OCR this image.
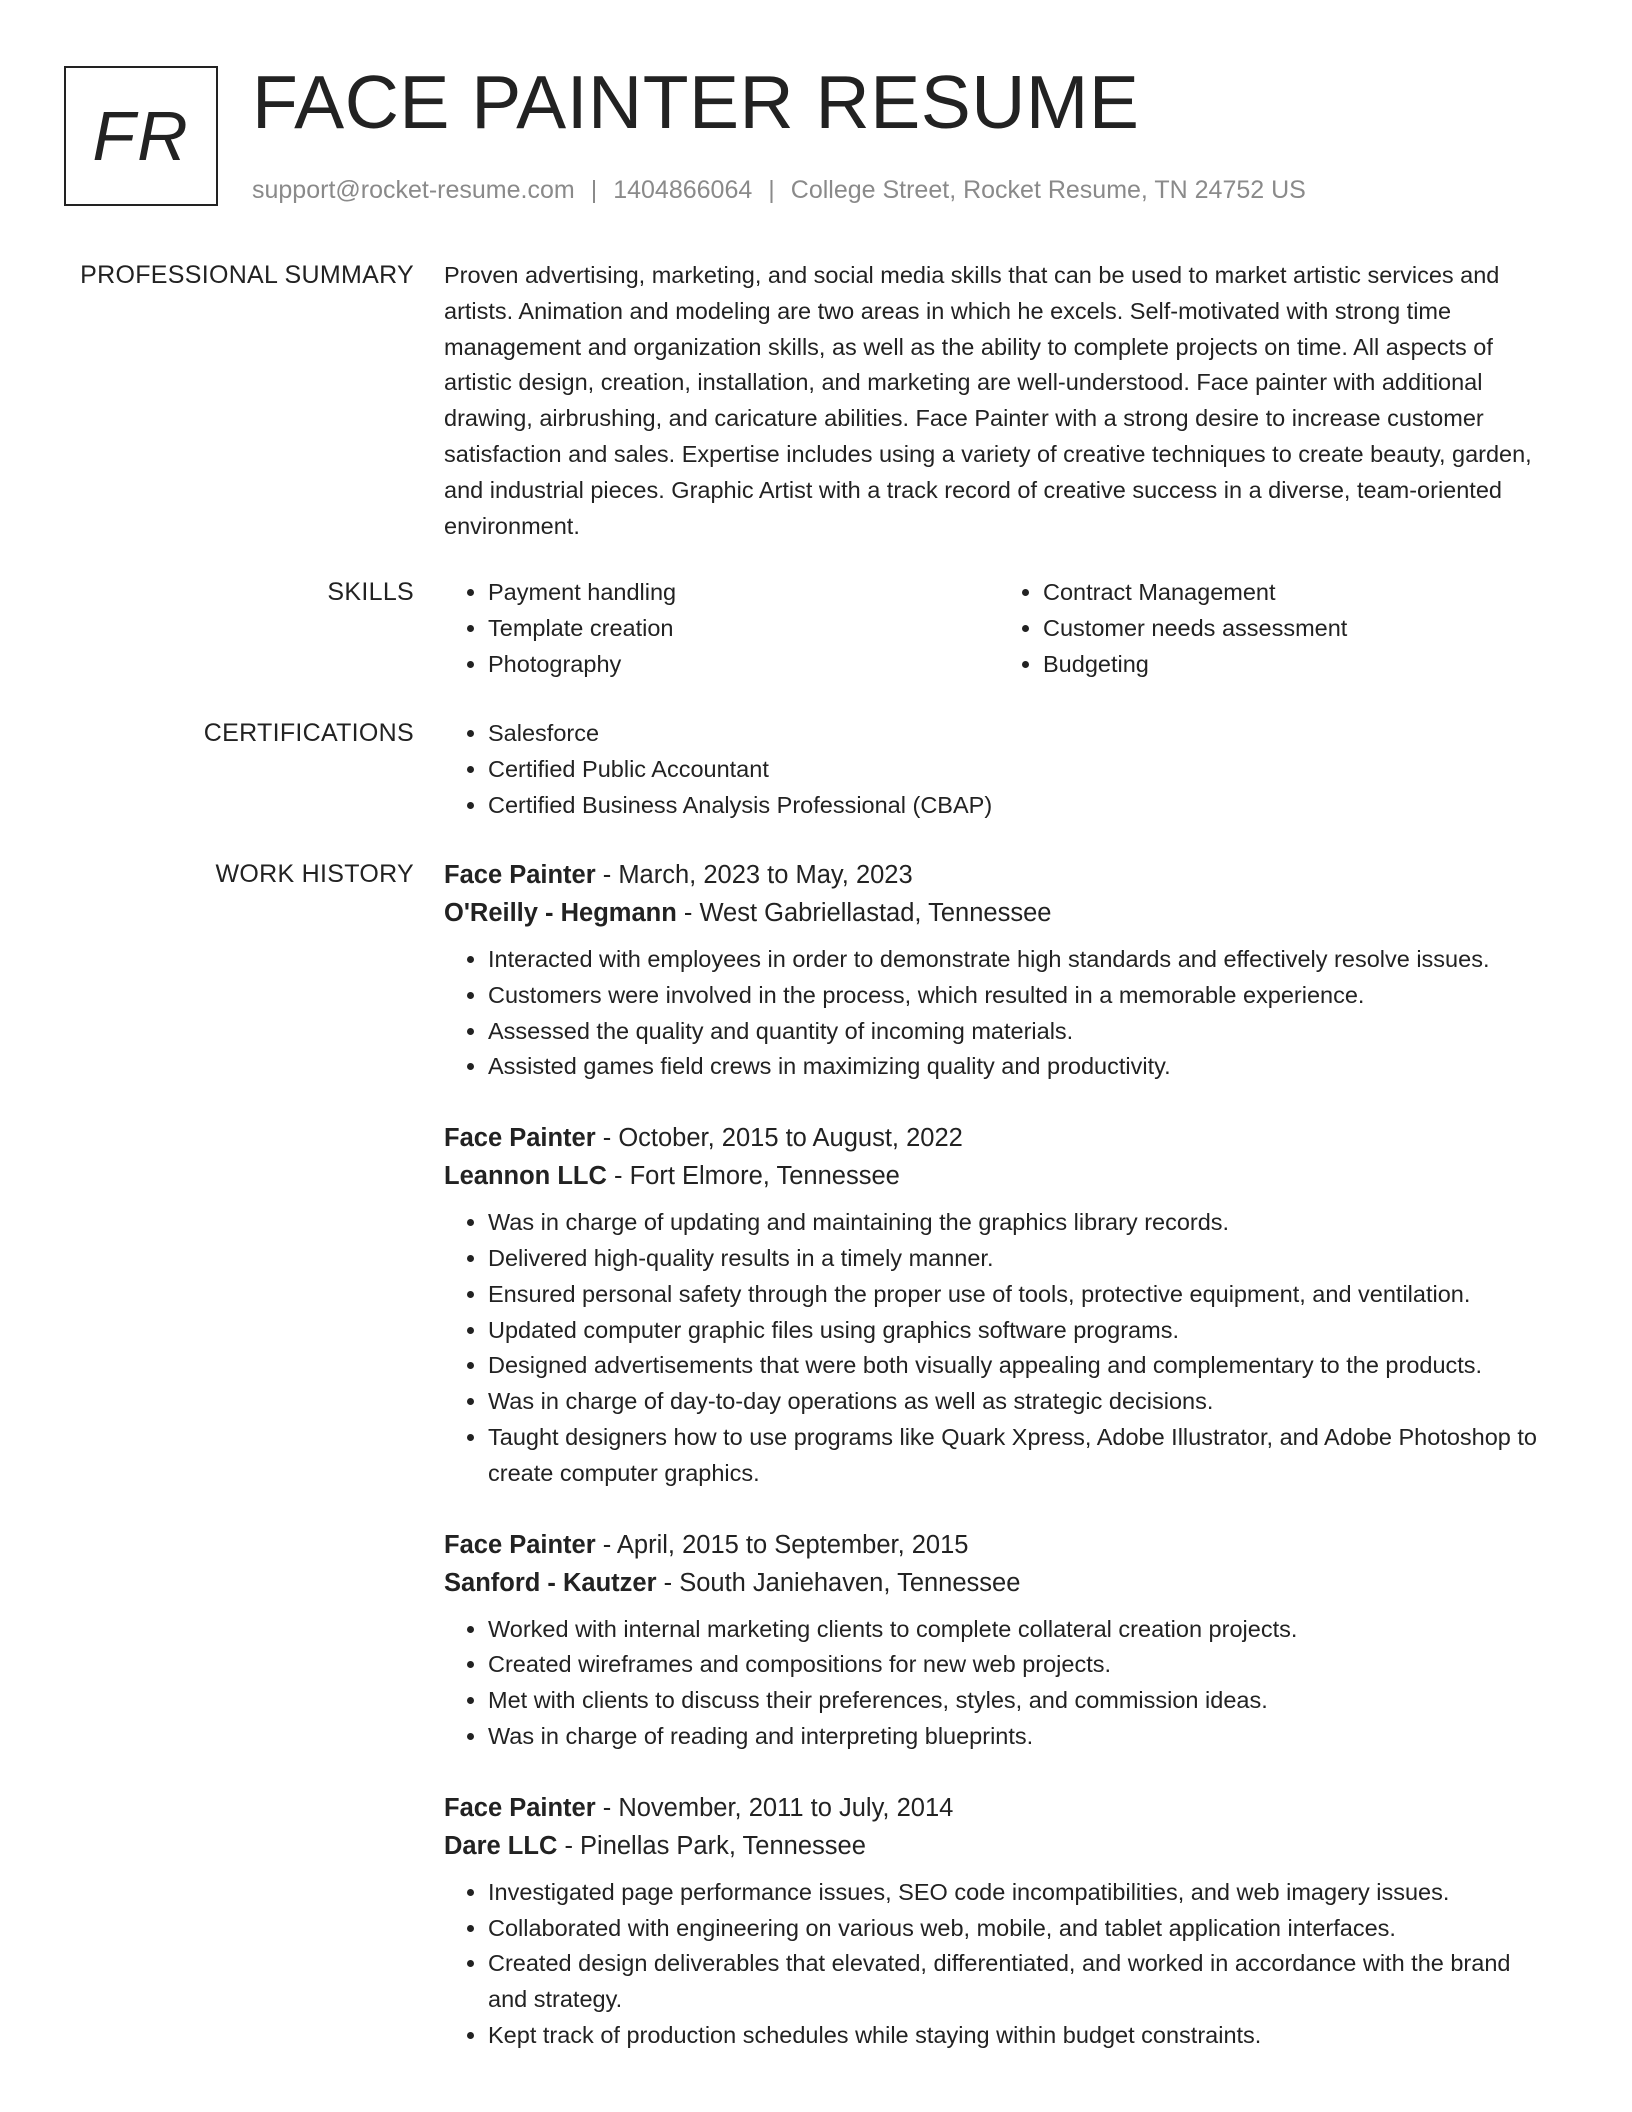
FR FACE PAINTER RESUME
support@rocket-resume.com | 1404866064 | College Street, Rocket Resume, TN 24752 US
PROFESSIONAL SUMMARY Proven advertising, marketing, and social media skills that can be used to market artistic services and artists. Animation and modeling are two areas in which he excels. Self-motivated with strong time management and organization skills, as well as the ability to complete projects on time. All aspects of artistic design, creation, installation, and marketing are well-understood. Face painter with additional drawing, airbrushing, and caricature abilities. Face Painter with a strong desire to increase customer satisfaction and sales. Expertise includes using a variety of creative techniques to create beauty, garden, and industrial pieces. Graphic Artist with a track record of creative success in a diverse, team-oriented environment.

SKILLS	• Payment handling
• Template creation
• Photography
• Contract Management
• Customer needs assessment
• Budgeting
CERTIFICATIONS	• Salesforce
• Certified Public Accountant
• Certified Business Analysis Professional (CBAP)
WORK HISTORY Face Painter - March, 2023 to May, 2023
O'Reilly - Hegmann - West Gabriellastad, Tennessee
• Interacted with employees in order to demonstrate high standards and effectively resolve issues.
• Customers were involved in the process, which resulted in a memorable experience.
• Assessed the quality and quantity of incoming materials.
• Assisted games field crews in maximizing quality and productivity.
Face Painter - October, 2015 to August, 2022
Leannon LLC - Fort Elmore, Tennessee
• Was in charge of updating and maintaining the graphics library records.
• Delivered high-quality results in a timely manner.
• Ensured personal safety through the proper use of tools, protective equipment, and ventilation.
• Updated computer graphic files using graphics software programs.
• Designed advertisements that were both visually appealing and complementary to the products.
• Was in charge of day-to-day operations as well as strategic decisions.
• Taught designers how to use programs like Quark Xpress, Adobe Illustrator, and Adobe Photoshop to create computer graphics.
Face Painter - April, 2015 to September, 2015
Sanford - Kautzer - South Janiehaven, Tennessee
• Worked with internal marketing clients to complete collateral creation projects.
• Created wireframes and compositions for new web projects.
• Met with clients to discuss their preferences, styles, and commission ideas.
• Was in charge of reading and interpreting blueprints.
Face Painter - November, 2011 to July, 2014
Dare LLC - Pinellas Park, Tennessee
• Investigated page performance issues, SEO code incompatibilities, and web imagery issues.
• Collaborated with engineering on various web, mobile, and tablet application interfaces.
• Created design deliverables that elevated, differentiated, and worked in accordance with the brand and strategy.
• Kept track of production schedules while staying within budget constraints.
